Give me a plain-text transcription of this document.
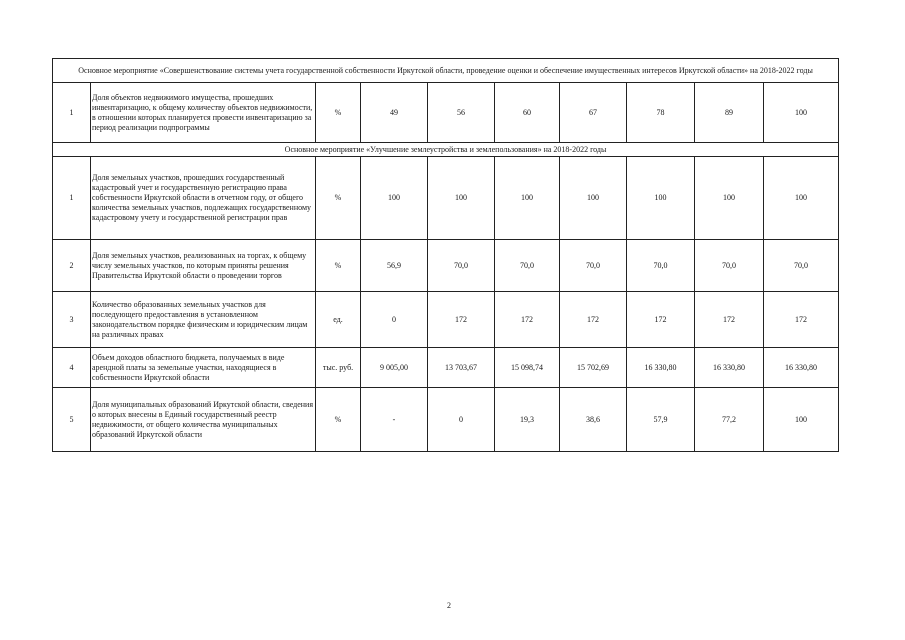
Основное мероприятие «Совершенствование системы учета государственной собственности Иркутской области, проведение оценки и обеспечение имущественных интересов Иркутской области» на 2018-2022 годы									
1	Доля объектов недвижимого имущества, прошедших инвентаризацию, к общему количеству объектов недвижимости, в отношении которых планируется провести инвентаризацию за период реализации подпрограммы	%	49	56	60	67	78	89	100
Основное мероприятие «Улучшение землеустройства и землепользования» на 2018-2022 годы									
1	Доля земельных участков, прошедших государственный кадастровый учет и государственную регистрацию права собственности Иркутской области в отчетном году, от общего количества земельных участков, подлежащих государственному кадастровому учету и государственной регистрации прав	%	100	100	100	100	100	100	100
2	Доля земельных участков, реализованных на торгах, к общему числу земельных участков, по которым приняты решения Правительства Иркутской области о проведении торгов	%	56,9	70,0	70,0	70,0	70,0	70,0	70,0
3	Количество образованных земельных участков для последующего предоставления в установленном законодательством порядке физическим и юридическим лицам на различных правах	ед.	0	172	172	172	172	172	172
4	Объем доходов областного бюджета, получаемых в виде арендной платы за земельные участки, находящиеся в собственности Иркутской области	тыс. руб.	9 005,00	13 703,67	15 098,74	15 702,69	16 330,80	16 330,80	16 330,80
5	Доля муниципальных образований Иркутской области, сведения о которых внесены в Единый государственный реестр недвижимости, от общего количества муниципальных образований Иркутской области	%	-	0	19,3	38,6	57,9	77,2	100
2
